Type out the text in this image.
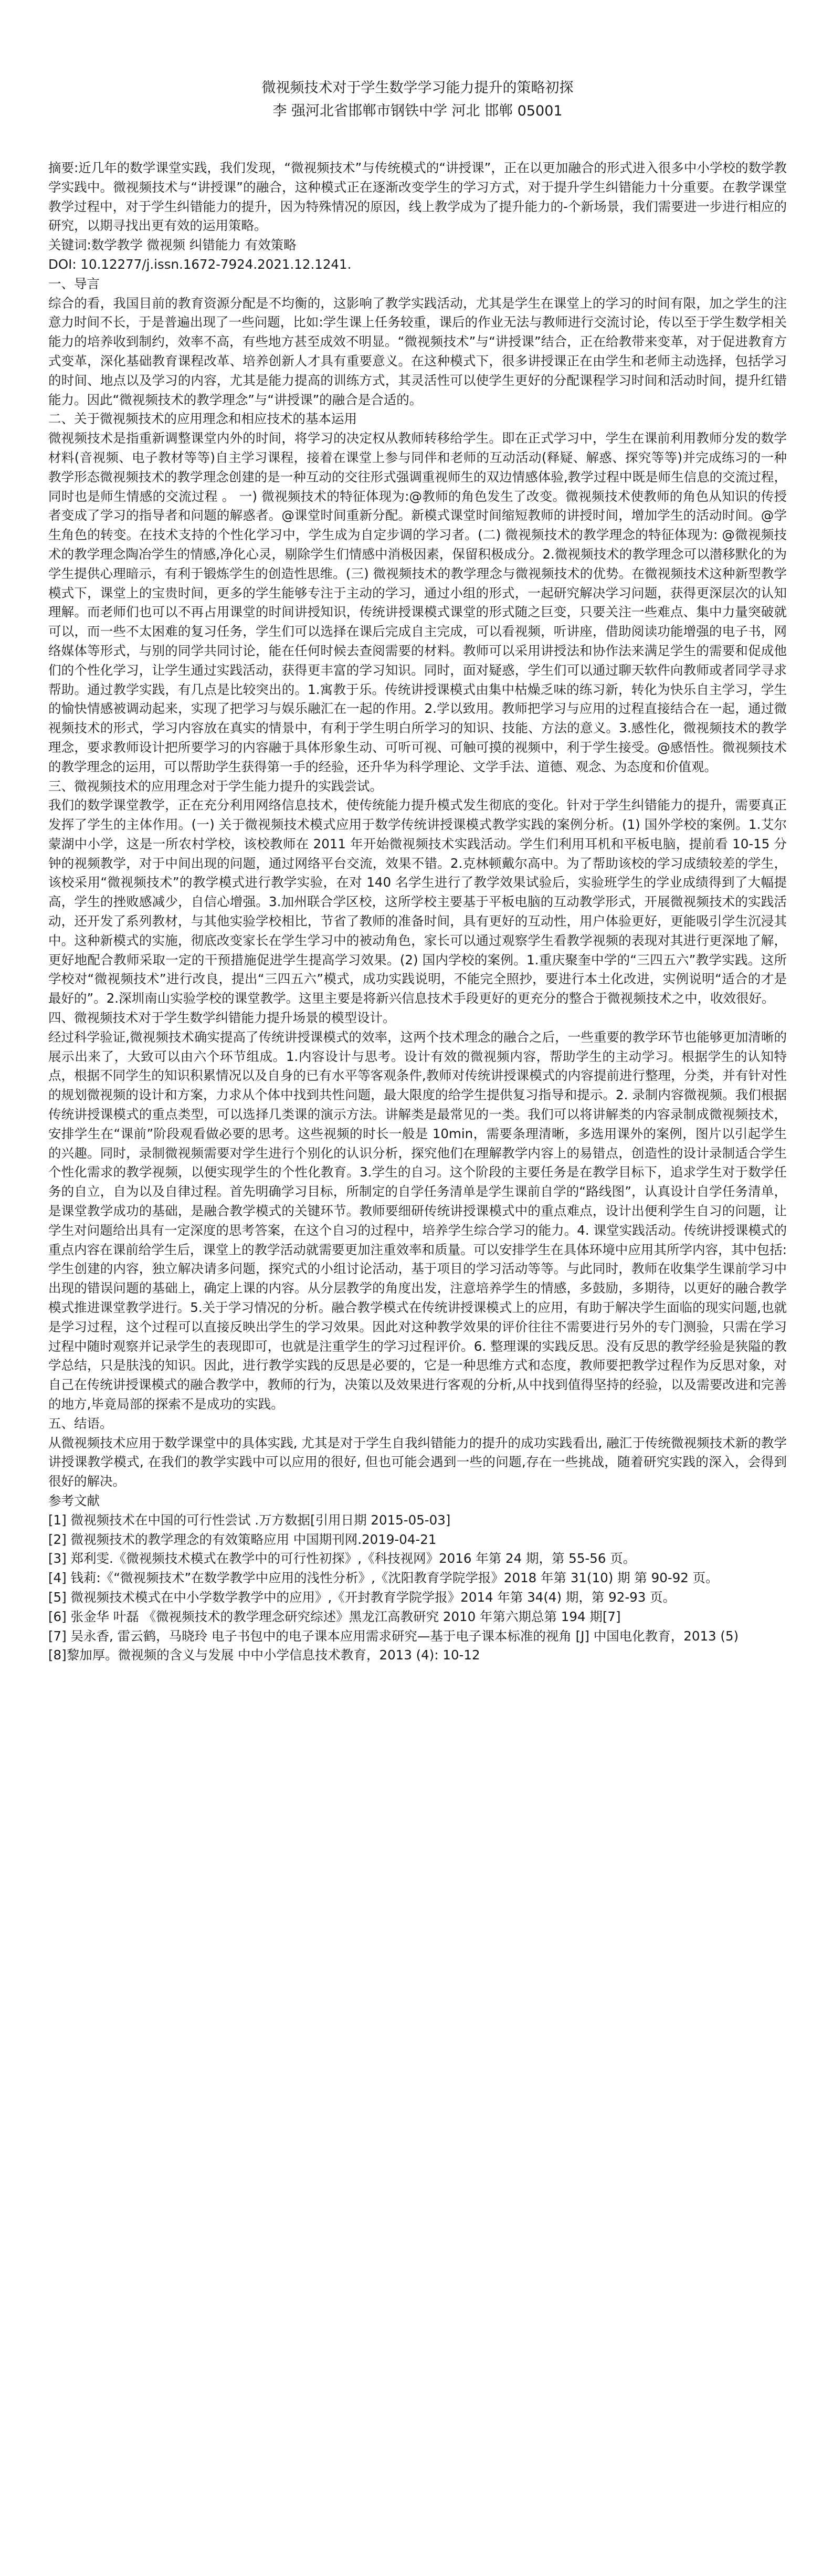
微视频技术对于学生数学学习能力提升的策略初探
李 强河北省邯郸市钢铁中学 河北 邯郸 05001

摘要:近几年的数学课堂实践，我们发现，“微视频技术”与传统模式的“讲授课”，正在以更加融合的形式进入很多中小学校的数学教学实践中。微视频技术与“讲授课”的融合，这种模式正在逐渐改变学生的学习方式，对于提升学生纠错能力十分重要。在教学课堂教学过程中，对于学生纠错能力的提升，因为特殊情况的原因，线上教学成为了提升能力的-个新场景，我们需要进一步进行相应的研究，以期寻找出更有效的运用策略。

关键词:数学教学 微视频 纠错能力 有效策略

DOI: 10.12277/j.issn.1672-7924.2021.12.1241.

一、导言

综合的看，我国目前的教育资源分配是不均衡的，这影响了教学实践活动，尤其是学生在课堂上的学习的时间有限，加之学生的注意力时间不长，于是普遍出现了一些问题，比如:学生课上任务较重，课后的作业无法与教师进行交流讨论，传以至于学生数学相关能力的培养收到制约，效率不高，有些地方甚至成效不明显。“微视频技术”与“讲授课”结合，正在给教带来变革，对于促进教育方式变革，深化基础教育课程改革、培养创新人才具有重要意义。在这种模式下，很多讲授课正在由学生和老师主动选择，包括学习的时间、地点以及学习的内容，尤其是能力提高的训练方式，其灵活性可以使学生更好的分配课程学习时间和活动时间，提升红错能力。因此“微视频技术的教学理念”与“讲授课”的融合是合适的。

二、关于微视频技术的应用理念和相应技术的基本运用

微视频技术是指重新调整课堂内外的时间，将学习的决定权从教师转移给学生。即在正式学习中，学生在课前利用教师分发的数学材料(音视频、电子教材等等)自主学习课程，接着在课堂上参与同伴和老师的互动活动(释疑、解惑、探究等等)并完成练习的一种教学形态微视频技术的教学理念创建的是一种互动的交往形式强调重视师生的双边情感体验,教学过程中既是师生信息的交流过程，同时也是师生情感的交流过程 。 一) 微视频技术的特征体现为:@教师的角色发生了改变。微视频技术使教师的角色从知识的传授者变成了学习的指导者和问题的解惑者。@课堂时间重新分配。新模式课堂时间缩短教师的讲授时间，增加学生的活动时间。@学生角色的转变。在技术支持的个性化学习中，学生成为自定步调的学习者。(二) 微视频技术的教学理念的特征体现为: @微视频技术的教学理念陶冶学生的情感,净化心灵，剔除学生们情感中消极因素，保留积极成分。2.微视频技术的教学理念可以潜移默化的为学生提供心理暗示，有利于锻炼学生的创造性思维。(三) 微视频技术的教学理念与微视频技术的优势。在微视频技术这种新型教学模式下，课堂上的宝贵时间，更多的学生能够专注于主动的学习，通过小组的形式，一起研究解决学习问题，获得更深层次的认知理解。而老师们也可以不再占用课堂的时间讲授知识，传统讲授课模式课堂的形式随之巨变，只要关注一些难点、集中力量突破就可以，而一些不太困难的复习任务，学生们可以选择在课后完成自主完成，可以看视频，听讲座，借助阅读功能增强的电子书，网络媒体等形式，与别的同学共同讨论，能在任何时候去查阅需要的材料。教师可以采用讲授法和协作法来满足学生的需要和促成他们的个性化学习，让学生通过实践活动，获得更丰富的学习知识。同时，面对疑惑，学生们可以通过聊天软件向教师或者同学寻求帮助。通过教学实践，有几点是比较突出的。1.寓教于乐。传统讲授课模式由集中枯燥乏味的练习新，转化为快乐自主学习，学生的愉快情感被调动起来，实现了把学习与娱乐融汇在一起的作用。2.学以致用。教师把学习与应用的过程直接结合在一起，通过微视频技术的形式，学习内容放在真实的情景中，有利于学生明白所学习的知识、技能、方法的意义。3.感性化，微视频技术的教学理念，要求教师设计把所要学习的内容融于具体形象生动、可听可视、可触可摸的视频中，利于学生接受。@感悟性。微视频技术的教学理念的运用，可以帮助学生获得第一手的经验，还升华为科学理论、文学手法、道德、观念、为态度和价值观。

三、微视频技术的应用理念对于学生能力提升的实践尝试。

我们的数学课堂教学，正在充分利用网络信息技术，使传统能力提升模式发生彻底的变化。针对于学生纠错能力的提升，需要真正发挥了学生的主体作用。(一) 关于微视频技术模式应用于数学传统讲授课模式教学实践的案例分析。(1) 国外学校的案例。1.艾尔蒙湖中小学，这是一所农村学校，该校教师在 2011 年开始微视频技术实践活动。学生们利用耳机和平板电脑，提前看 10-15 分钟的视频教学，对于中间出现的问题，通过网络平台交流，效果不错。2.克林顿戴尔高中。为了帮助该校的学习成绩较差的学生，该校采用“微视频技术”的教学模式进行教学实验，在对 140 名学生进行了教学效果试验后，实验班学生的学业成绩得到了大幅提高，学生的挫败感减少，自信心增强。3.加州联合学区校，这所学校主要基于平板电脑的互动教学形式，开展微视频技术的实践活动，还开发了系列教材，与其他实验学校相比，节省了教师的准备时间，具有更好的互动性，用户体验更好，更能吸引学生沉浸其中。这种新模式的实施，彻底改变家长在学生学习中的被动角色，家长可以通过观察学生看教学视频的表现对其进行更深地了解，更好地配合教师采取一定的干预措施促进学生提高学习效果。(2) 国内学校的案例。1.重庆聚奎中学的“三四五六”教学实践。这所学校对“微视频技术”进行改良，提出“三四五六”模式，成功实践说明，不能完全照抄，要进行本土化改进，实例说明“适合的才是最好的”。2.深圳南山实验学校的课堂教学。这里主要是将新兴信息技术手段更好的更充分的整合于微视频技术之中，收效很好。

四、微视频技术对于学生数学纠错能力提升场景的模型设计。

经过科学验证,微视频技术确实提高了传统讲授课模式的效率，这两个技术理念的融合之后，一些重要的教学环节也能够更加清晰的展示出来了，大致可以由六个环节组成。1.内容设计与思考。设计有效的微视频内容，帮助学生的主动学习。根据学生的认知特点，根据不同学生的知识积累情况以及自身的已有水平等客观条件,教师对传统讲授课模式的内容提前进行整理，分类，并有针对性的规划微视频的设计和方案，力求从个体中找到共性问题，最大限度的给学生提供复习指导和提示。2. 录制内容微视频。我们根据传统讲授课模式的重点类型，可以选择几类课的演示方法。讲解类是最常见的一类。我们可以将讲解类的内容录制成微视频技术，安排学生在“课前”阶段观看做必要的思考。这些视频的时长一般是 10min，需要条理清晰，多选用课外的案例，图片以引起学生的兴趣。同时，录制微视频需要对学生进行个别化的认识分析，探究他们在理解教学内容上的易错点，创造性的设计录制适合学生个性化需求的教学视频，以便实现学生的个性化教育。3.学生的自习。这个阶段的主要任务是在教学目标下，追求学生对于数学任务的自立，自为以及自律过程。首先明确学习目标，所制定的自学任务清单是学生课前自学的“路线图”，认真设计自学任务清单，是课堂教学成功的基础，是融合教学模式的关键环节。教师要细研传统讲授课模式中的重点难点，设计出便利学生自习的问题，让学生对问题给出具有一定深度的思考答案，在这个自习的过程中，培养学生综合学习的能力。4. 课堂实践活动。传统讲授课模式的重点内容在课前给学生后，课堂上的教学活动就需要更加注重效率和质量。可以安排学生在具体环境中应用其所学内容，其中包括:学生创建的内容，独立解决请多问题，探究式的小组讨论活动，基于项目的学习活动等等。与此同时，教师在收集学生课前学习中出现的错误问题的基础上，确定上课的内容。从分层教学的角度出发，注意培养学生的情感，多鼓励，多期待，以更好的融合教学模式推进课堂教学进行。5.关于学习情况的分析。融合教学模式在传统讲授课模式上的应用，有助于解决学生面临的现实问题,也就是学习过程，这个过程可以直接反映出学生的学习效果。因此对这种教学效果的评价往往不需要进行另外的专门测验，只需在学习过程中随时观察并记录学生的表现即可，也就是注重学生的学习过程评价。6. 整理课的实践反思。没有反思的教学经验是狭隘的教学总结，只是肤浅的知识。因此，进行教学实践的反思是必要的，它是一种思维方式和态度，教师要把教学过程作为反思对象，对自己在传统讲授课模式的融合教学中，教师的行为，决策以及效果进行客观的分析,从中找到值得坚持的经验，以及需要改进和完善的地方,毕竟局部的探索不是成功的实践。

五、结语。

从微视频技术应用于数学课堂中的具体实践, 尤其是对于学生自我纠错能力的提升的成功实践看出, 融汇于传统微视频技术新的教学讲授课教学模式, 在我们的教学实践中可以应用的很好, 但也可能会遇到一些的问题,存在一些挑战，随着研究实践的深入，会得到很好的解决。

参考文献

[1] 微视频技术在中国的可行性尝试 .万方数据[引用日期 2015-05-03]

[2] 微视频技术的教学理念的有效策略应用 中国期刊网.2019-04-21

[3] 郑利雯.《微视频技术模式在教学中的可行性初探》,《科技视网》2016 年第 24 期，第 55-56 页。

[4] 钱莉:《“微视频技术”在数学教学中应用的浅性分析》,《沈阳教育学院学报》2018 年第 31(10) 期 第 90-92 页。

[5] 微视频技术模式在中小学数学教学中的应用》,《开封教育学院学报》2014 年第 34(4) 期，第 92-93 页。

[6] 张金华 叶磊 《微视频技术的教学理念研究综述》黑龙江高教研究 2010 年第六期总第 194 期[7]

[7] 吴永香, 雷云鹤，马晓玲 电子书包中的电子课本应用需求研究—基于电子课本标准的视角 [J] 中国电化教育，2013 (5)

[8]黎加厚。微视频的含义与发展 中中小学信息技术教育，2013 (4): 10-12
